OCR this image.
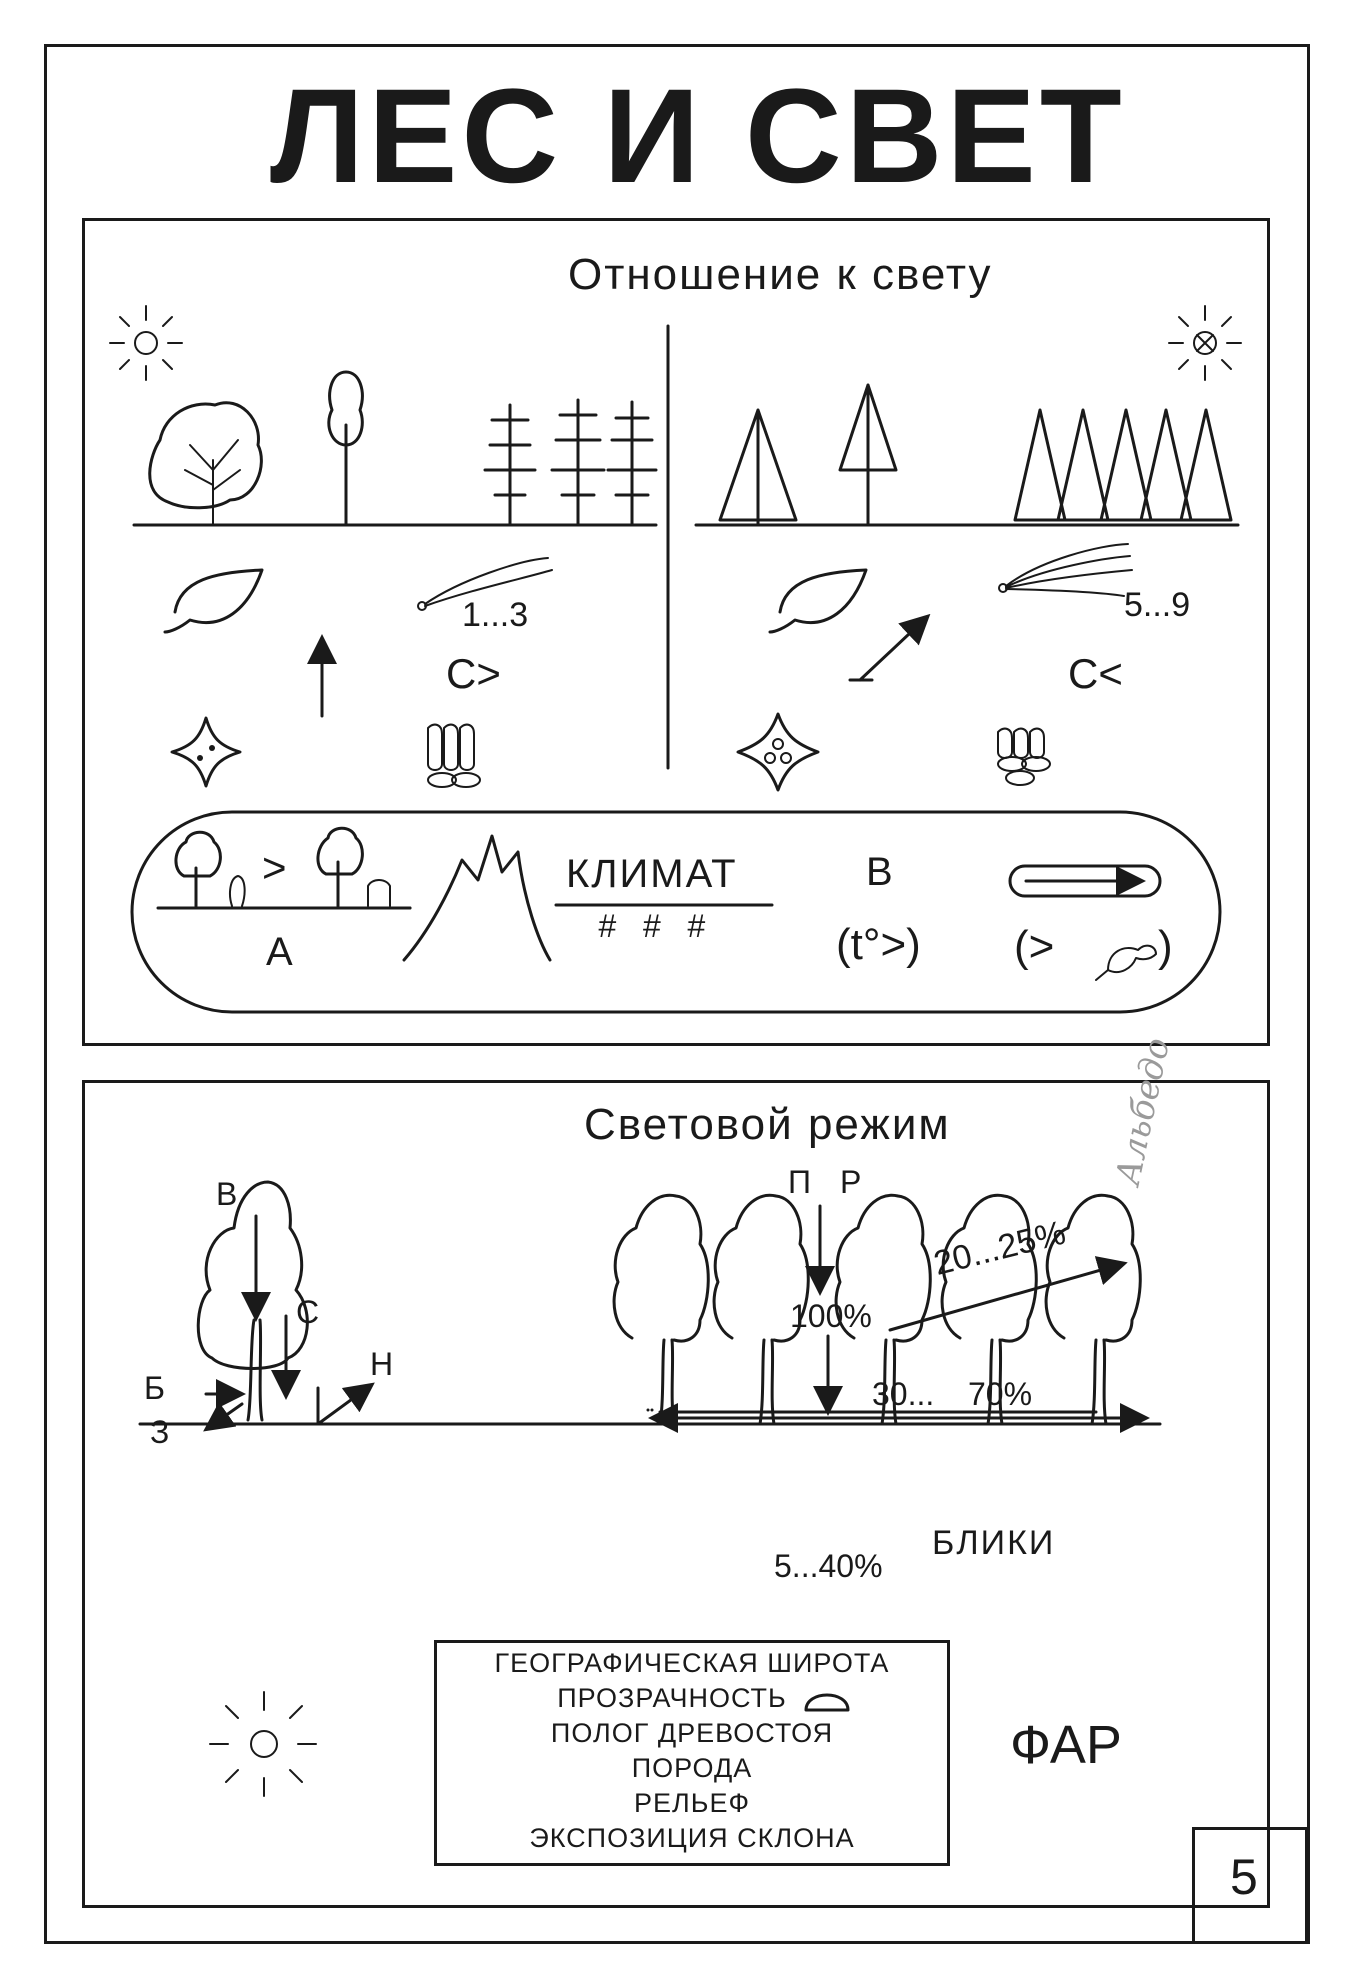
ЛЕС И СВЕТ
Отношение к свету
1...3	5...9
C>	C<
>
A
КЛИМАТ
#   #   #
B
(t°>) (> )
Световой режим	Альбедо
В
С
Б
З
Н
П Р
100%
20...25%
30... 70%
5...40%
БЛИКИ
ГЕОГРАФИЧЕСКАЯ ШИРОТА
ПРОЗРАЧНОСТЬ
ПОЛОГ ДРЕВОСТОЯ
ПОРОДА
РЕЛЬЕФ
ЭКСПОЗИЦИЯ СКЛОНА
ФАР
5
